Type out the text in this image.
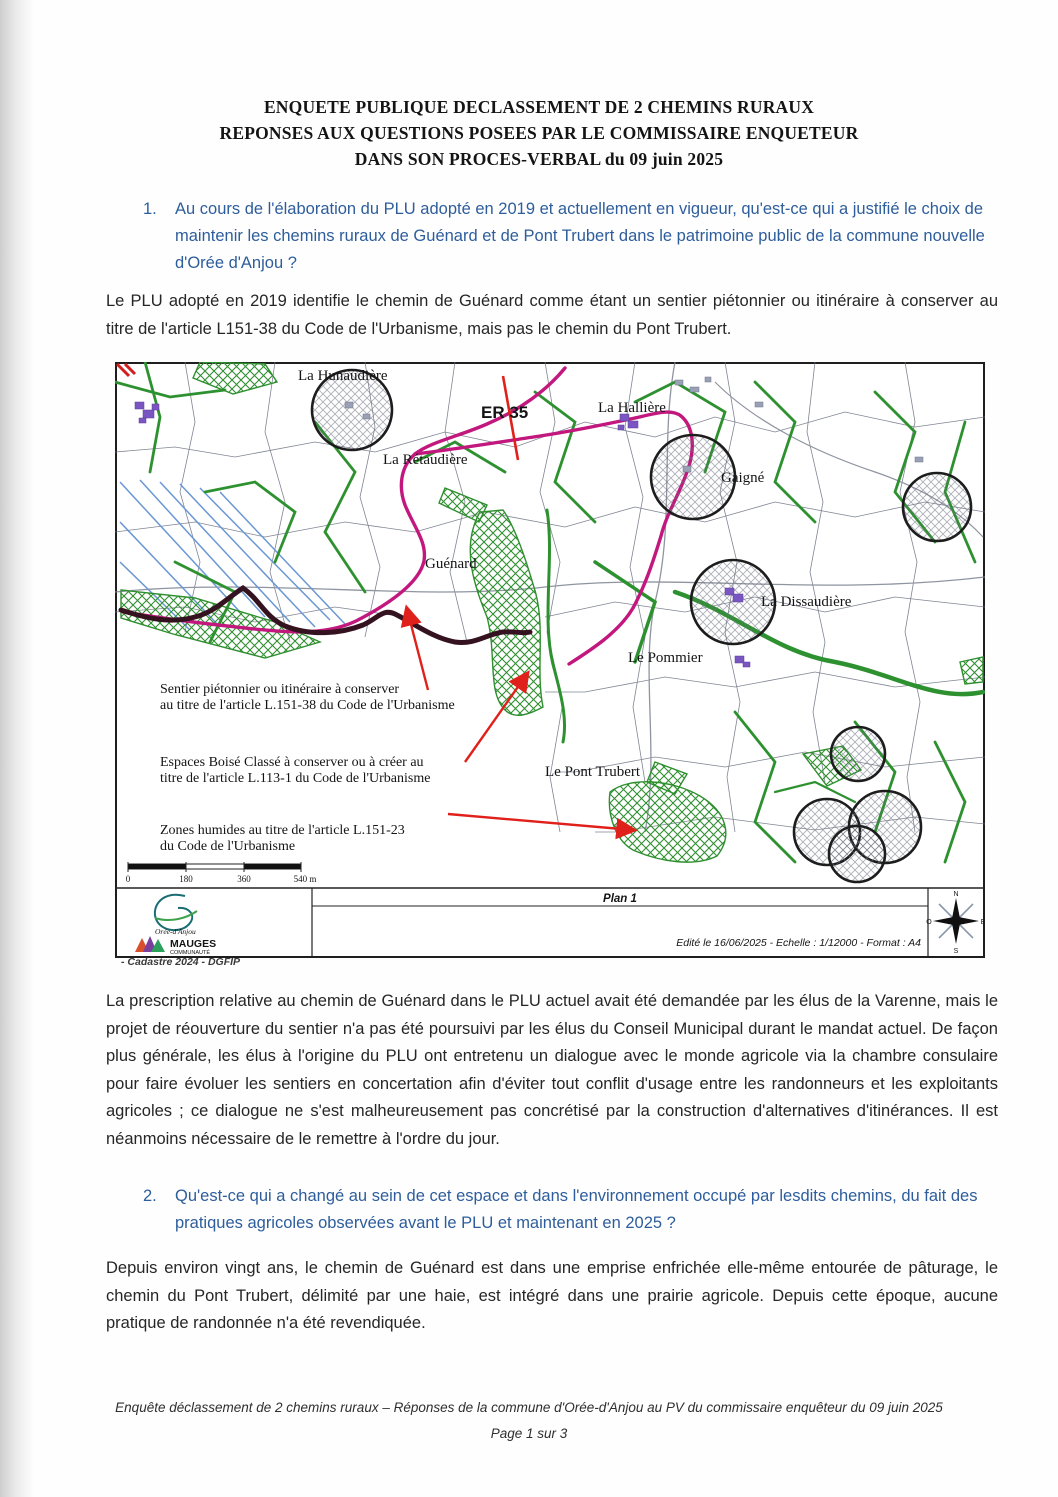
ENQUETE PUBLIQUE DECLASSEMENT DE 2 CHEMINS RURAUX
REPONSES AUX QUESTIONS POSEES PAR LE COMMISSAIRE ENQUETEUR
DANS SON PROCES-VERBAL du 09 juin 2025
1.	Au cours de l'élaboration du PLU adopté en 2019 et actuellement en vigueur, qu'est-ce qui a justifié le choix de maintenir les chemins ruraux de Guénard et de Pont Trubert dans le patrimoine public de la commune nouvelle d'Orée d'Anjou ?
Le PLU adopté en 2019 identifie le chemin de Guénard comme étant un sentier piétonnier ou itinéraire à conserver au titre de l'article L151-38 du Code de l'Urbanisme, mais pas le chemin du Pont Trubert.
La Hunaudière
ER 35	La Hallière
La Rétaudière
Gaigné
Guénard
La Dissaudière
Le Pommier
Le Pont Trubert
Sentier piétonnier ou itinéraire à conserver
au titre de l'article L.151-38 du Code de l'Urbanisme
Espaces Boisé Classé à conserver ou à créer au
titre de l'article L.113-1 du Code de l'Urbanisme
Zones humides au titre de l'article L.151-23
du Code de l'Urbanisme
0	180	360	540 m
Plan 1
Edité le 16/06/2025 - Echelle : 1/12000 - Format : A4
Orée-d'Anjou
MAUGES
COMMUNAUTÉ
N
E
S
O
- Cadastre 2024 - DGFIP
La prescription relative au chemin de Guénard dans le PLU actuel avait été demandée par les élus de la Varenne, mais le projet de réouverture du sentier n'a pas été poursuivi par les élus du Conseil Municipal durant le mandat actuel. De façon plus générale, les élus à l'origine du PLU ont entretenu un dialogue avec le monde agricole via la chambre consulaire pour faire évoluer les sentiers en concertation afin d'éviter tout conflit d'usage entre les randonneurs et les exploitants agricoles ; ce dialogue ne s'est malheureusement pas concrétisé par la construction d'alternatives d'itinérances. Il est néanmoins nécessaire de le remettre à l'ordre du jour.
2.	Qu'est-ce qui a changé au sein de cet espace et dans l'environnement occupé par lesdits chemins, du fait des pratiques agricoles observées avant le PLU et maintenant en 2025 ?
Depuis environ vingt ans, le chemin de Guénard est dans une emprise enfrichée elle-même entourée de pâturage, le chemin du Pont Trubert, délimité par une haie, est intégré dans une prairie agricole. Depuis cette époque, aucune pratique de randonnée n'a été revendiquée.
Enquête déclassement de 2 chemins ruraux – Réponses de la commune d'Orée-d'Anjou au PV du commissaire enquêteur du 09 juin 2025
Page 1 sur 3
